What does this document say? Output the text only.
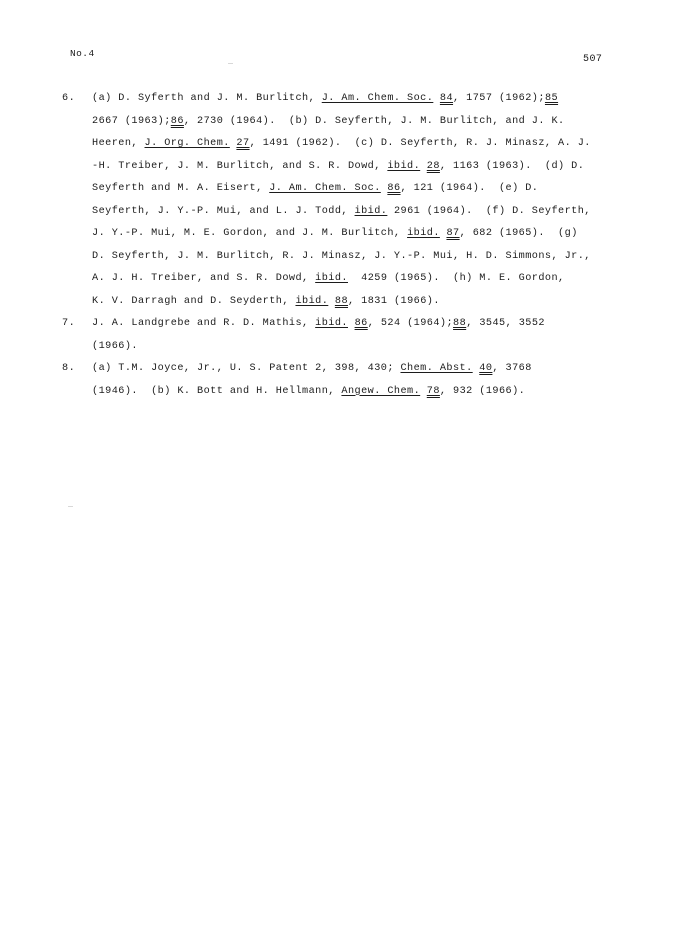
No.4
507
6. (a) D. Syferth and J. M. Burlitch, J. Am. Chem. Soc. 84, 1757 (1962);85
2667 (1963);86, 2730 (1964).  (b) D. Seyferth, J. M. Burlitch, and J. K.
Heeren, J. Org. Chem. 27, 1491 (1962).  (c) D. Seyferth, R. J. Minasz, A. J.
-H. Treiber, J. M. Burlitch, and S. R. Dowd, ibid. 28, 1163 (1963).  (d) D.
Seyferth and M. A. Eisert, J. Am. Chem. Soc. 86, 121 (1964).  (e) D.
Seyferth, J. Y.-P. Mui, and L. J. Todd, ibid. 2961 (1964).  (f) D. Seyferth,
J. Y.-P. Mui, M. E. Gordon, and J. M. Burlitch, ibid. 87, 682 (1965).  (g)
D. Seyferth, J. M. Burlitch, R. J. Minasz, J. Y.-P. Mui, H. D. Simmons, Jr.,
A. J. H. Treiber, and S. R. Dowd, ibid.  4259 (1965).  (h) M. E. Gordon,
K. V. Darragh and D. Seyderth, ibid. 88, 1831 (1966).
7. J. A. Landgrebe and R. D. Mathis, ibid. 86, 524 (1964);88, 3545, 3552
(1966).
8. (a) T.M. Joyce, Jr., U. S. Patent 2, 398, 430; Chem. Abst. 40, 3768
(1946).  (b) K. Bott and H. Hellmann, Angew. Chem. 78, 932 (1966).
